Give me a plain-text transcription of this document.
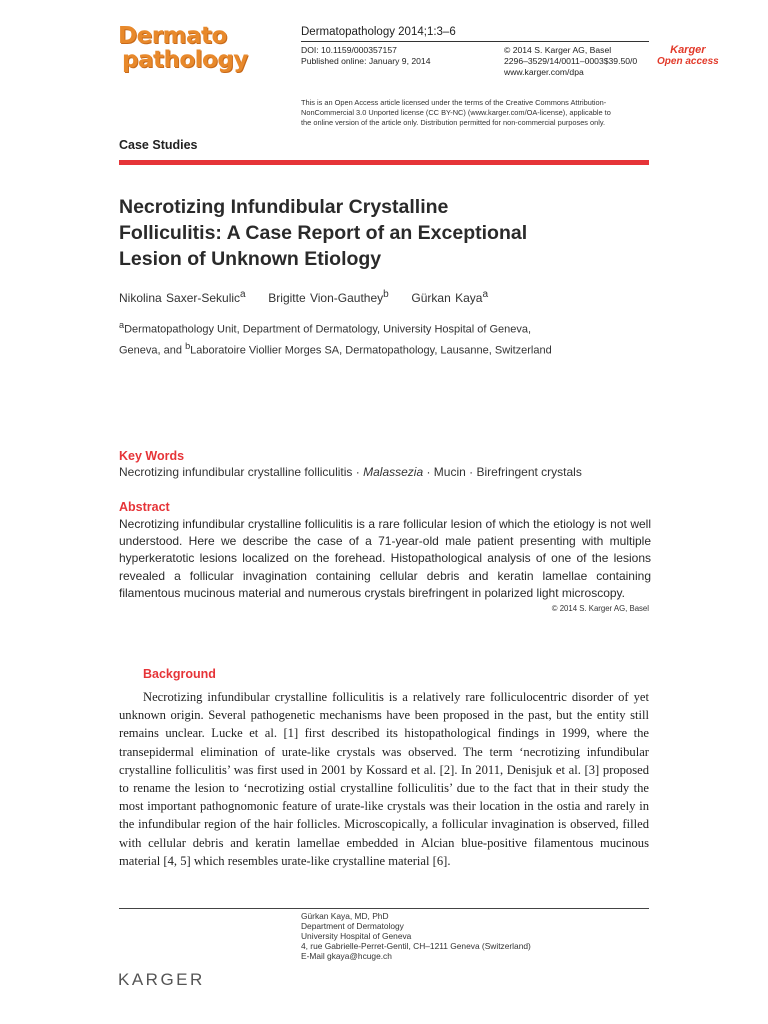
Dermato
pathology
Dermatopathology 2014;1:3–6
DOI: 10.1159/000357157
Published online: January 9, 2014
© 2014 S. Karger AG, Basel
2296–3529/14/0011–0003$39.50/0
www.karger.com/dpa
Karger
Open access
This is an Open Access article licensed under the terms of the Creative Commons Attribution-
NonCommercial 3.0 Unported license (CC BY-NC) (www.karger.com/OA-license), applicable to
the online version of the article only. Distribution permitted for non-commercial purposes only.
Case Studies
Necrotizing Infundibular Crystalline
Folliculitis: A Case Report of an Exceptional
Lesion of Unknown Etiology
Nikolina Saxer-Sekulic$^a$ Brigitte Vion-Gauthey$^b$ Gürkan Kaya$^a$
$^a$Dermatopathology Unit, Department of Dermatology, University Hospital of Geneva,
Geneva, and $^b$Laboratoire Viollier Morges SA, Dermatopathology, Lausanne, Switzerland
Key Words
Necrotizing infundibular crystalline folliculitis · Malassezia · Mucin · Birefringent crystals
Abstract
Necrotizing infundibular crystalline folliculitis is a rare follicular lesion of which the etiology is not well understood. Here we describe the case of a 71-year-old male patient presenting with multiple hyperkeratotic lesions localized on the forehead. Histopathological analysis of one of the lesions revealed a follicular invagination containing cellular debris and keratin lamellae containing filamentous mucinous material and numerous crystals birefringent in polarized light microscopy.
© 2014 S. Karger AG, Basel
Background
Necrotizing infundibular crystalline folliculitis is a relatively rare folliculocentric disorder of yet unknown origin. Several pathogenetic mechanisms have been proposed in the past, but the entity still remains unclear. Lucke et al. [1] first described its histopathological findings in 1999, where the transepidermal elimination of urate-like crystals was observed. The term ‘necrotizing infundibular crystalline folliculitis’ was first used in 2001 by Kossard et al. [2]. In 2011, Denisjuk et al. [3] proposed to rename the lesion to ‘necrotizing ostial crystalline folliculitis’ due to the fact that in their study the most important pathognomonic feature of urate-like crystals was their location in the ostia and rarely in the infundibular region of the hair follicles. Microscopically, a follicular invagination is observed, filled with cellular debris and keratin lamellae embedded in Alcian blue-positive filamentous mucinous material [4, 5] which resembles urate-like crystalline material [6].
Gürkan Kaya, MD, PhD
Department of Dermatology
University Hospital of Geneva
4, rue Gabrielle-Perret-Gentil, CH–1211 Geneva (Switzerland)
E-Mail gkaya@hcuge.ch
KARGER
